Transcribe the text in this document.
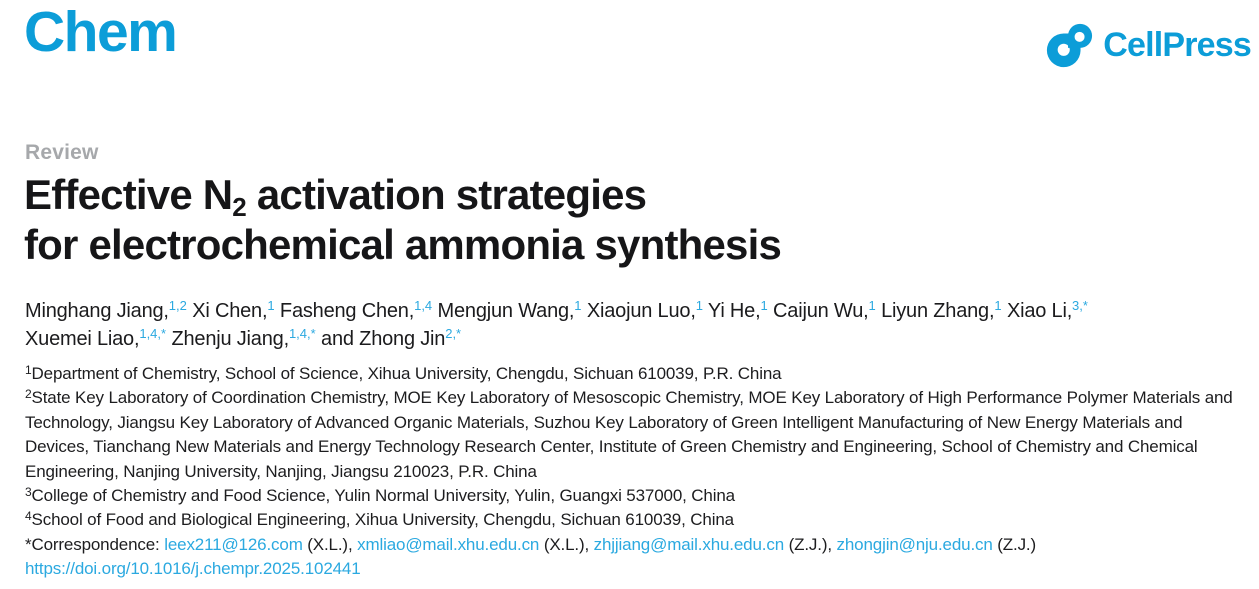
Chem	CellPress
Review
Effective $N_2$ activation strategies
for electrochemical ammonia synthesis
Minghang Jiang,$^{1,2}$ Xi Chen,$^1$ Fasheng Chen,$^{1,4}$ Mengjun Wang,$^1$ Xiaojun Luo,$^1$ Yi He,$^1$ Caijun Wu,$^1$ Liyun Zhang,$^1$ Xiao Li,$^{3,*}$
Xuemei Liao,$^{1,4,*}$ Zhenju Jiang,$^{1,4,*}$ and Zhong Jin$^{2,*}$
$^1$Department of Chemistry, School of Science, Xihua University, Chengdu, Sichuan 610039, P.R. China
$^2$State Key Laboratory of Coordination Chemistry, MOE Key Laboratory of Mesoscopic Chemistry, MOE Key Laboratory of High Performance Polymer Materials and Technology, Jiangsu Key Laboratory of Advanced Organic Materials, Suzhou Key Laboratory of Green Intelligent Manufacturing of New Energy Materials and Devices, Tianchang New Materials and Energy Technology Research Center, Institute of Green Chemistry and Engineering, School of Chemistry and Chemical Engineering, Nanjing University, Nanjing, Jiangsu 210023, P.R. China
$^3$College of Chemistry and Food Science, Yulin Normal University, Yulin, Guangxi 537000, China
$^4$School of Food and Biological Engineering, Xihua University, Chengdu, Sichuan 610039, China
*Correspondence: leex211@126.com (X.L.), xmliao@mail.xhu.edu.cn (X.L.), zhjjiang@mail.xhu.edu.cn (Z.J.), zhongjin@nju.edu.cn (Z.J.)
https://doi.org/10.1016/j.chempr.2025.102441
